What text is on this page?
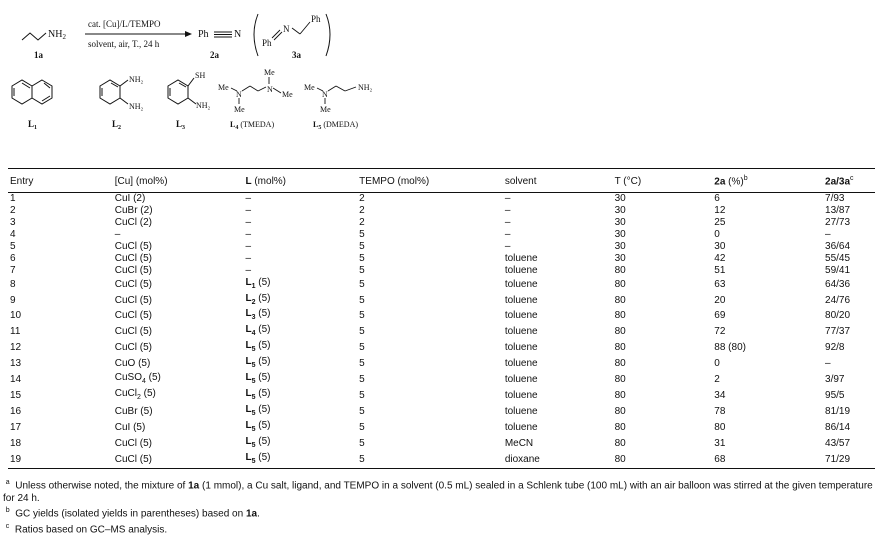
$NH_2$
1a
cat. [Cu]/L/TEMPO
solvent, air, T., 24 h
Ph	N
2a
Ph
N
Ph
3a
$L_1$
NH₂
NH₂
$L_2$
SH
NH₂
$L_3$
Me
Me
N
Me
N
Me
$L_4$ (TMEDA)
Me
N
Me
NH₂
$L_5$ (DMEDA)
Entry	[Cu] (mol%)	L (mol%)	TEMPO (mol%)	solvent	T (°C)	2a (%)$^b$	$2a/3a^c$
1	CuI (2)	–	2	–	30	6	7/93
2	CuBr (2)	–	2	–	30	12	13/87
3	CuCl (2)	–	2	–	30	25	27/73
4	–	–	5	–	30	0	–
5	CuCl (5)	–	5	–	30	30	36/64
6	CuCl (5)	–	5	toluene	30	42	55/45
7	CuCl (5)	–	5	toluene	80	51	59/41
8	CuCl (5)	$L_1$ (5)	5	toluene	80	63	64/36
9	CuCl (5)	$L_2$ (5)	5	toluene	80	20	24/76
10	CuCl (5)	$L_3$ (5)	5	toluene	80	69	80/20
11	CuCl (5)	$L_4$ (5)	5	toluene	80	72	77/37
12	CuCl (5)	$L_5$ (5)	5	toluene	80	88 (80)	92/8
13	CuO (5)	$L_5$ (5)	5	toluene	80	0	–
14	CuSO$_4$ (5)	$L_5$ (5)	5	toluene	80	2	3/97
15	CuCl$_2$ (5)	$L_5$ (5)	5	toluene	80	34	95/5
16	CuBr (5)	$L_5$ (5)	5	toluene	80	78	81/19
17	CuI (5)	$L_5$ (5)	5	toluene	80	80	86/14
18	CuCl (5)	$L_5$ (5)	5	MeCN	80	31	43/57
19	CuCl (5)	$L_5$ (5)	5	dioxane	80	68	71/29

$^a$ Unless otherwise noted, the mixture of 1a (1 mmol), a Cu salt, ligand, and TEMPO in a solvent (0.5 mL) sealed in a Schlenk tube (100 mL) with an air balloon was stirred at the given temperature for 24 h.

$^b$ GC yields (isolated yields in parentheses) based on 1a.

$^c$ Ratios based on GC–MS analysis.
